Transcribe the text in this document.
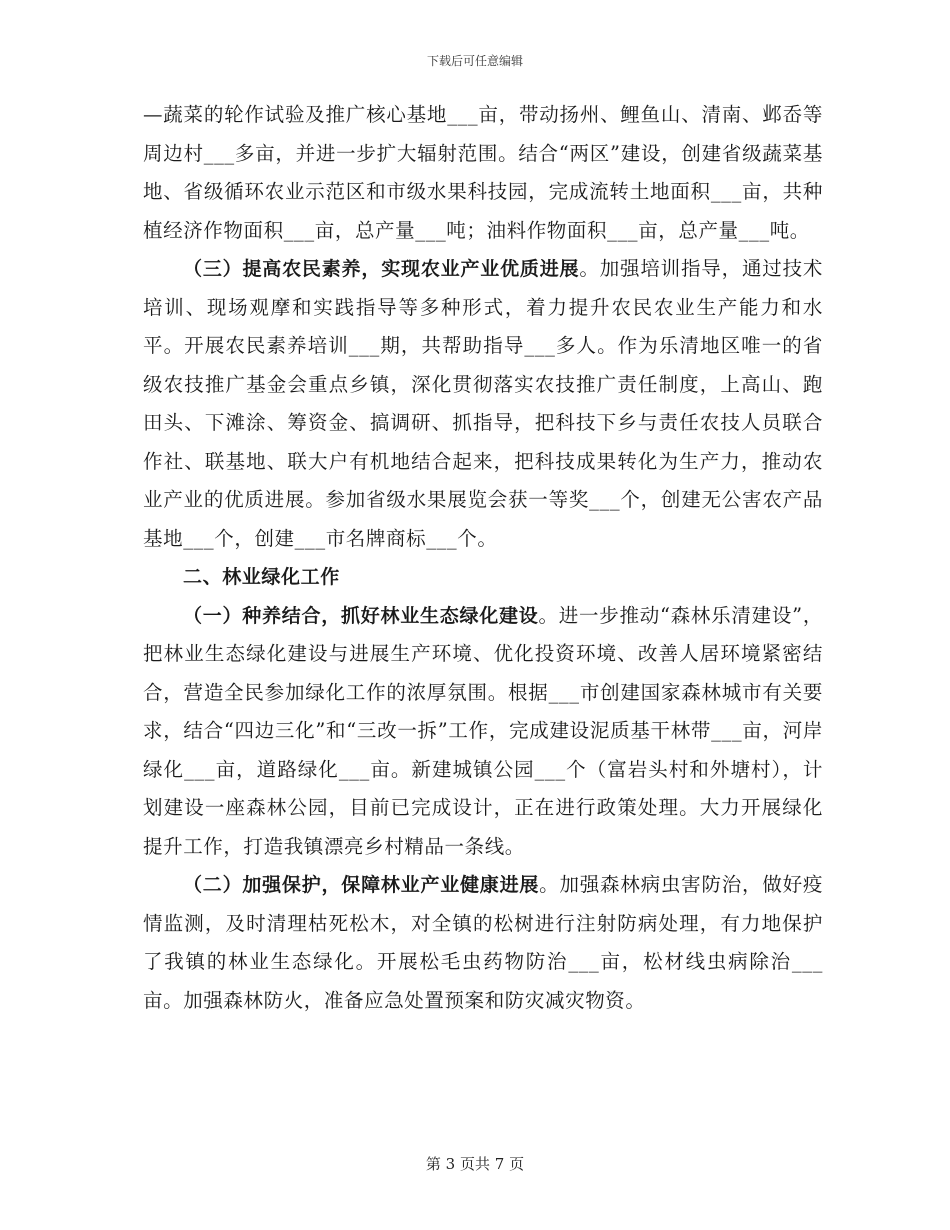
下载后可任意编辑

—蔬菜的轮作试验及推广核心基地___亩，带动扬州、鲤鱼山、清南、邺岙等周边村___多亩，并进一步扩大辐射范围。结合“两区”建设，创建省级蔬菜基地、省级循环农业示范区和市级水果科技园，完成流转土地面积___亩，共种植经济作物面积___亩，总产量___吨；油料作物面积___亩，总产量___吨。

（三）提高农民素养，实现农业产业优质进展。加强培训指导，通过技术培训、现场观摩和实践指导等多种形式，着力提升农民农业生产能力和水平。开展农民素养培训___期，共帮助指导___多人。作为乐清地区唯一的省级农技推广基金会重点乡镇，深化贯彻落实农技推广责任制度，上高山、跑田头、下滩涂、筹资金、搞调研、抓指导，把科技下乡与责任农技人员联合作社、联基地、联大户有机地结合起来，把科技成果转化为生产力，推动农业产业的优质进展。参加省级水果展览会获一等奖___个，创建无公害农产品基地___个，创建___市名牌商标___个。

二、林业绿化工作

（一）种养结合，抓好林业生态绿化建设。进一步推动“森林乐清建设”，把林业生态绿化建设与进展生产环境、优化投资环境、改善人居环境紧密结合，营造全民参加绿化工作的浓厚氛围。根据___市创建国家森林城市有关要求，结合“四边三化”和“三改一拆”工作，完成建设泥质基干林带___亩，河岸绿化___亩，道路绿化___亩。新建城镇公园___个（富岩头村和外塘村），计划建设一座森林公园，目前已完成设计，正在进行政策处理。大力开展绿化提升工作，打造我镇漂亮乡村精品一条线。

（二）加强保护，保障林业产业健康进展。加强森林病虫害防治，做好疫情监测，及时清理枯死松木，对全镇的松树进行注射防病处理，有力地保护了我镇的林业生态绿化。开展松毛虫药物防治___亩，松材线虫病除治___亩。加强森林防火，准备应急处置预案和防灾减灾物资。

第 3 页共 7 页
